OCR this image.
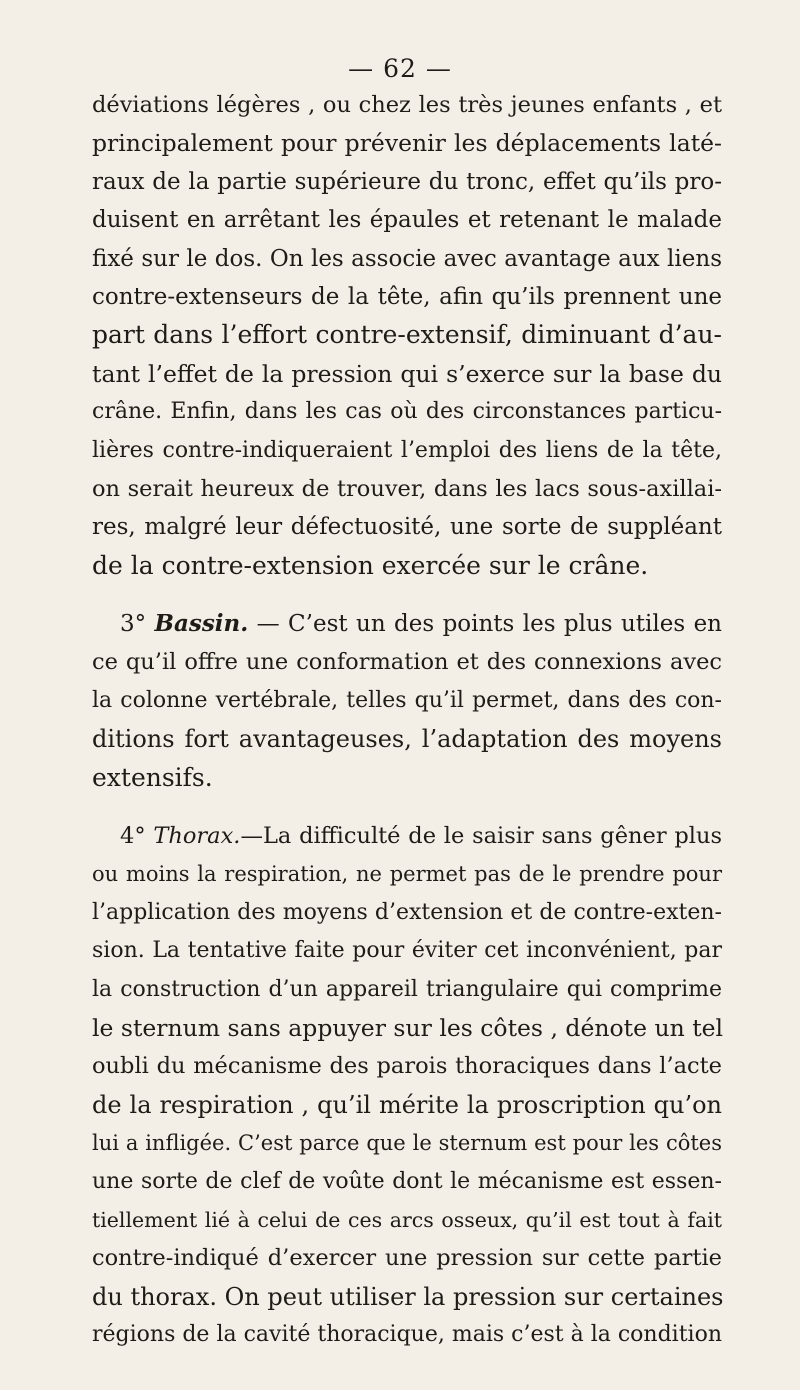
— 62 —
déviations légères , ou chez les très jeunes enfants , et
principalement pour prévenir les déplacements laté-
raux de la partie supérieure du tronc, effet qu’ils pro-
duisent en arrêtant les épaules et retenant le malade
fixé sur le dos. On les associe avec avantage aux liens
contre-extenseurs de la tête, afin qu’ils prennent une
part dans l’effort contre-extensif, diminuant d’au-
tant l’effet de la pression qui s’exerce sur la base du
crâne. Enfin, dans les cas où des circonstances particu-
lières contre-indiqueraient l’emploi des liens de la tête,
on serait heureux de trouver, dans les lacs sous-axillai-
res, malgré leur défectuosité, une sorte de suppléant
de la contre-extension exercée sur le crâne.
3° Bassin. — C’est un des points les plus utiles en
ce qu’il offre une conformation et des connexions avec
la colonne vertébrale, telles qu’il permet, dans des con-
ditions fort avantageuses, l’adaptation des moyens
extensifs.
4° Thorax.—La difficulté de le saisir sans gêner plus
ou moins la respiration, ne permet pas de le prendre pour
l’application des moyens d’extension et de contre-exten-
sion. La tentative faite pour éviter cet inconvénient, par
la construction d’un appareil triangulaire qui comprime
le sternum sans appuyer sur les côtes , dénote un tel
oubli du mécanisme des parois thoraciques dans l’acte
de la respiration , qu’il mérite la proscription qu’on
lui a infligée. C’est parce que le sternum est pour les côtes
une sorte de clef de voûte dont le mécanisme est essen-
tiellement lié à celui de ces arcs osseux, qu’il est tout à fait
contre-indiqué d’exercer une pression sur cette partie
du thorax. On peut utiliser la pression sur certaines
régions de la cavité thoracique, mais c’est à la condition
